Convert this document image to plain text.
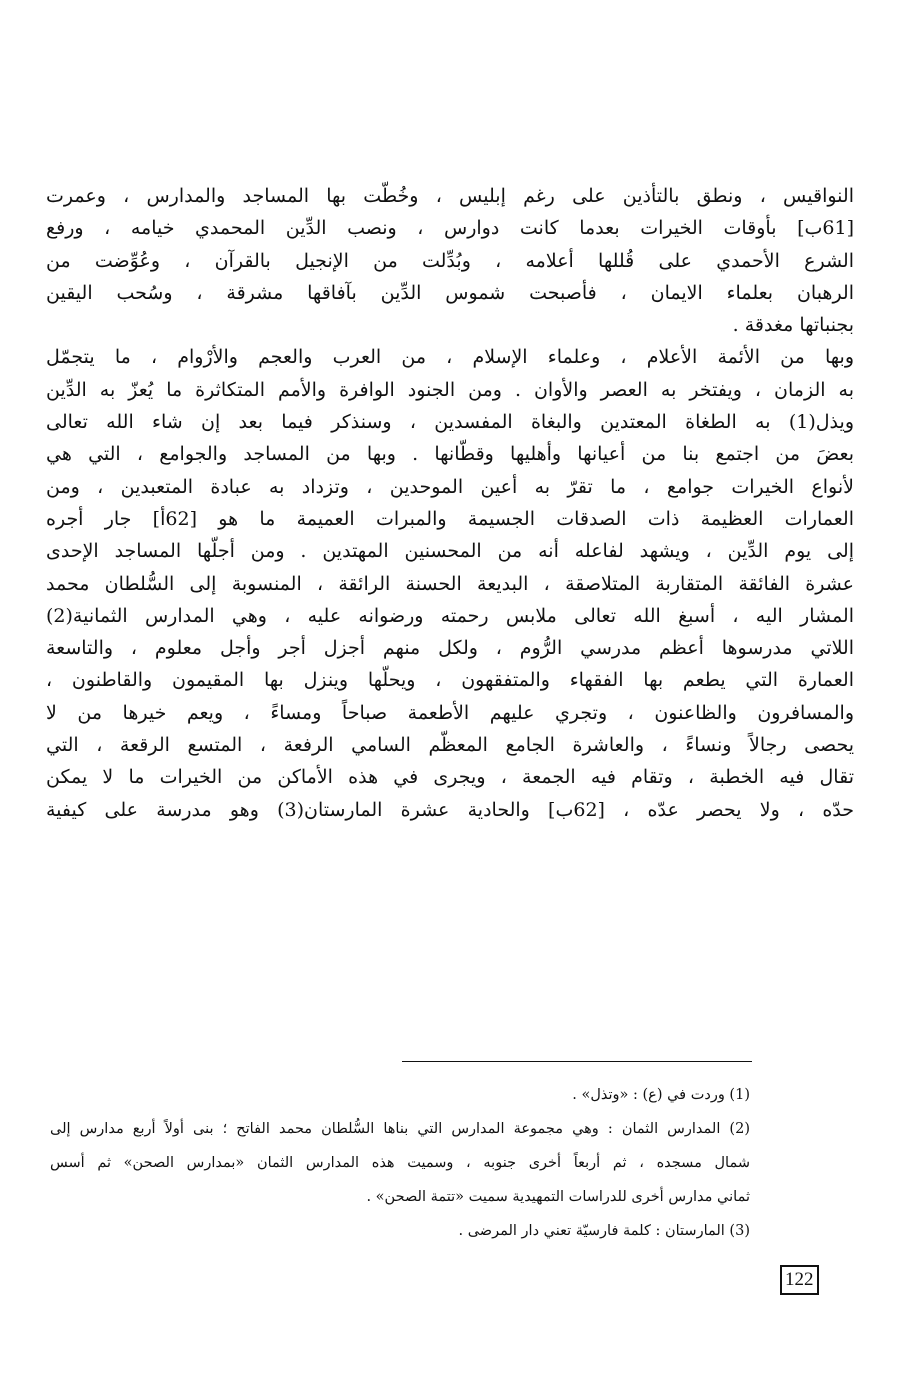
النواقيس ، ونطق بالتأذين على رغم إبليس ، وخُطّت بها المساجد والمدارس ، وعمرت
[61ب] بأوقات الخيرات بعدما كانت دوارس ، ونصب الدِّين المحمدي خيامه ، ورفع
الشرع الأحمدي على قُللها أعلامه ، وبُدِّلت من الإنجيل بالقرآن ، وعُوِّضت من
الرهبان بعلماء الايمان ، فأصبحت شموس الدِّين بآفاقها مشرقة ، وسُحب اليقين
بجنباتها مغدقة .
وبها من الأئمة الأعلام ، وعلماء الإسلام ، من العرب والعجم والأرْوام ، ما يتجمّل
به الزمان ، ويفتخر به العصر والأوان . ومن الجنود الوافرة والأمم المتكاثرة ما يُعزّ به الدِّين
ويذل(1) به الطغاة المعتدين والبغاة المفسدين ، وسنذكر فيما بعد إن شاء الله تعالى
بعضَ من اجتمع بنا من أعيانها وأهليها وقطّانها . وبها من المساجد والجوامع ، التي هي
لأنواع الخيرات جوامع ، ما تقرّ به أعين الموحدين ، وتزداد به عبادة المتعبدين ، ومن
العمارات العظيمة ذات الصدقات الجسيمة والمبرات العميمة ما هو [62أ] جار أجره
إلى يوم الدِّين ، ويشهد لفاعله أنه من المحسنين المهتدين . ومن أجلّها المساجد الإحدى
عشرة الفائقة المتقاربة المتلاصقة ، البديعة الحسنة الرائقة ، المنسوبة إلى السُّلطان محمد
المشار اليه ، أسبغ الله تعالى ملابس رحمته ورضوانه عليه ، وهي المدارس الثمانية(2)
اللاتي مدرسوها أعظم مدرسي الرُّوم ، ولكل منهم أجزل أجر وأجل معلوم ، والتاسعة
العمارة التي يطعم بها الفقهاء والمتفقهون ، ويحلّها وينزل بها المقيمون والقاطنون ،
والمسافرون والظاعنون ، وتجري عليهم الأطعمة صباحاً ومساءً ، ويعم خيرها من لا
يحصى رجالاً ونساءً ، والعاشرة الجامع المعظّم السامي الرفعة ، المتسع الرقعة ، التي
تقال فيه الخطبة ، وتقام فيه الجمعة ، ويجرى في هذه الأماكن من الخيرات ما لا يمكن
حدّه ، ولا يحصر عدّه ، [62ب] والحادية عشرة المارستان(3) وهو مدرسة على كيفية
(1) وردت في (ع) : «وتذل» .
(2) المدارس الثمان : وهي مجموعة المدارس التي بناها السُّلطان محمد الفاتح ؛ بنى أولاً أربع مدارس إلى
شمال مسجده ، ثم أربعاً أخرى جنوبه ، وسميت هذه المدارس الثمان «بمدارس الصحن» ثم أسس
ثماني مدارس أخرى للدراسات التمهيدية سميت «تتمة الصحن» .
(3) المارستان : كلمة فارسيّة تعني دار المرضى .
122
